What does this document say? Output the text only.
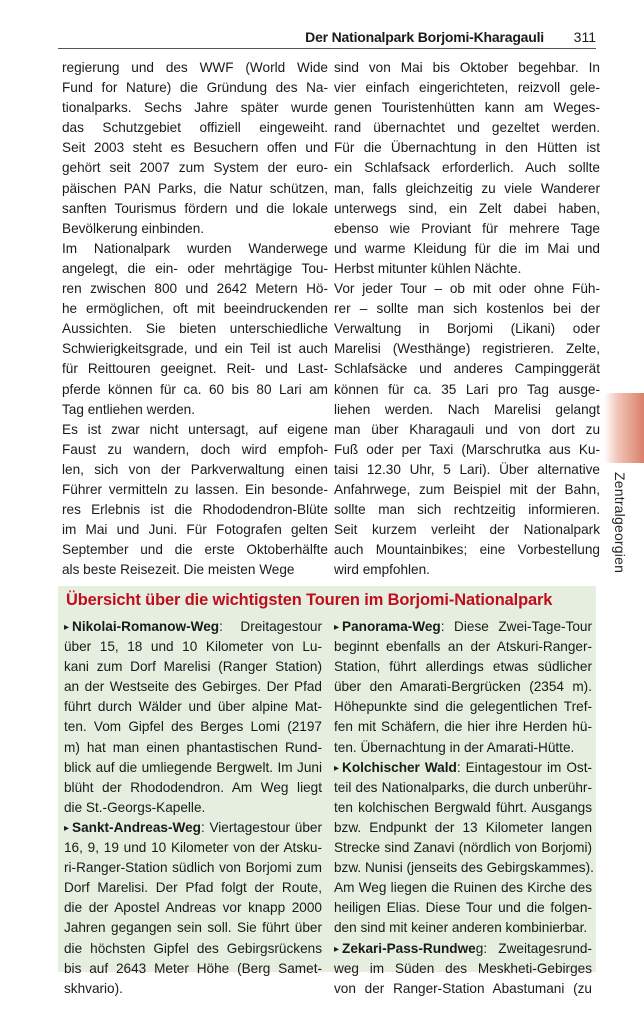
Der Nationalpark Borjomi-Kharagauli 311
regierung und des WWF (World Wide
Fund for Nature) die Gründung des Na-
tionalparks. Sechs Jahre später wurde
das Schutzgebiet offiziell eingeweiht.
Seit 2003 steht es Besuchern offen und
gehört seit 2007 zum System der euro-
päischen PAN Parks, die Natur schützen,
sanften Tourismus fördern und die lokale
Bevölkerung einbinden.
Im Nationalpark wurden Wanderwege
angelegt, die ein- oder mehrtägige Tou-
ren zwischen 800 und 2642 Metern Hö-
he ermöglichen, oft mit beeindruckenden
Aussichten. Sie bieten unterschiedliche
Schwierigkeitsgrade, und ein Teil ist auch
für Reittouren geeignet. Reit- und Last-
pferde können für ca. 60 bis 80 Lari am
Tag entliehen werden.
Es ist zwar nicht untersagt, auf eigene
Faust zu wandern, doch wird empfoh-
len, sich von der Parkverwaltung einen
Führer vermitteln zu lassen. Ein besonde-
res Erlebnis ist die Rhododendron-Blüte
im Mai und Juni. Für Fotografen gelten
September und die erste Oktoberhälfte
als beste Reisezeit. Die meisten Wege
sind von Mai bis Oktober begehbar. In
vier einfach eingerichteten, reizvoll gele-
genen Touristenhütten kann am Weges-
rand übernachtet und gezeltet werden.
Für die Übernachtung in den Hütten ist
ein Schlafsack erforderlich. Auch sollte
man, falls gleichzeitig zu viele Wanderer
unterwegs sind, ein Zelt dabei haben,
ebenso wie Proviant für mehrere Tage
und warme Kleidung für die im Mai und
Herbst mitunter kühlen Nächte.
Vor jeder Tour – ob mit oder ohne Füh-
rer – sollte man sich kostenlos bei der
Verwaltung in Borjomi (Likani) oder
Marelisi (Westhänge) registrieren. Zelte,
Schlafsäcke und anderes Campinggerät
können für ca. 35 Lari pro Tag ausge-
liehen werden. Nach Marelisi gelangt
man über Kharagauli und von dort zu
Fuß oder per Taxi (Marschrutka aus Ku-
taisi 12.30 Uhr, 5 Lari). Über alternative
Anfahrwege, zum Beispiel mit der Bahn,
sollte man sich rechtzeitig informieren.
Seit kurzem verleiht der Nationalpark
auch Mountainbikes; eine Vorbestellung
wird empfohlen.	Zentralgeorgien
Übersicht über die wichtigsten Touren im Borjomi-Nationalpark
▸ Nikolai-Romanow-Weg: Dreitagestour
über 15, 18 und 10 Kilometer von Lu-
kani zum Dorf Marelisi (Ranger Station)
an der Westseite des Gebirges. Der Pfad
führt durch Wälder und über alpine Mat-
ten. Vom Gipfel des Berges Lomi (2197
m) hat man einen phantastischen Rund-
blick auf die umliegende Bergwelt. Im Juni
blüht der Rhododendron. Am Weg liegt
die St.-Georgs-Kapelle.
▸ Sankt-Andreas-Weg: Viertagestour über
16, 9, 19 und 10 Kilometer von der Atsku-
ri-Ranger-Station südlich von Borjomi zum
Dorf Marelisi. Der Pfad folgt der Route,
die der Apostel Andreas vor knapp 2000
Jahren gegangen sein soll. Sie führt über
die höchsten Gipfel des Gebirgsrückens
bis auf 2643 Meter Höhe (Berg Samet-
skhvario).
▸ Panorama-Weg: Diese Zwei-Tage-Tour
beginnt ebenfalls an der Atskuri-Ranger-
Station, führt allerdings etwas südlicher
über den Amarati-Bergrücken (2354 m).
Höhepunkte sind die gelegentlichen Tref-
fen mit Schäfern, die hier ihre Herden hü-
ten. Übernachtung in der Amarati-Hütte.
▸ Kolchischer Wald: Eintagestour im Ost-
teil des Nationalparks, die durch unberühr-
ten kolchischen Bergwald führt. Ausgangs
bzw. Endpunkt der 13 Kilometer langen
Strecke sind Zanavi (nördlich von Borjomi)
bzw. Nunisi (jenseits des Gebirgskammes).
Am Weg liegen die Ruinen des Kirche des
heiligen Elias. Diese Tour und die folgen-
den sind mit keiner anderen kombinierbar.
▸ Zekari-Pass-Rundweg: Zweitagesrund-
weg im Süden des Meskheti-Gebirges
von der Ranger-Station Abastumani (zu
